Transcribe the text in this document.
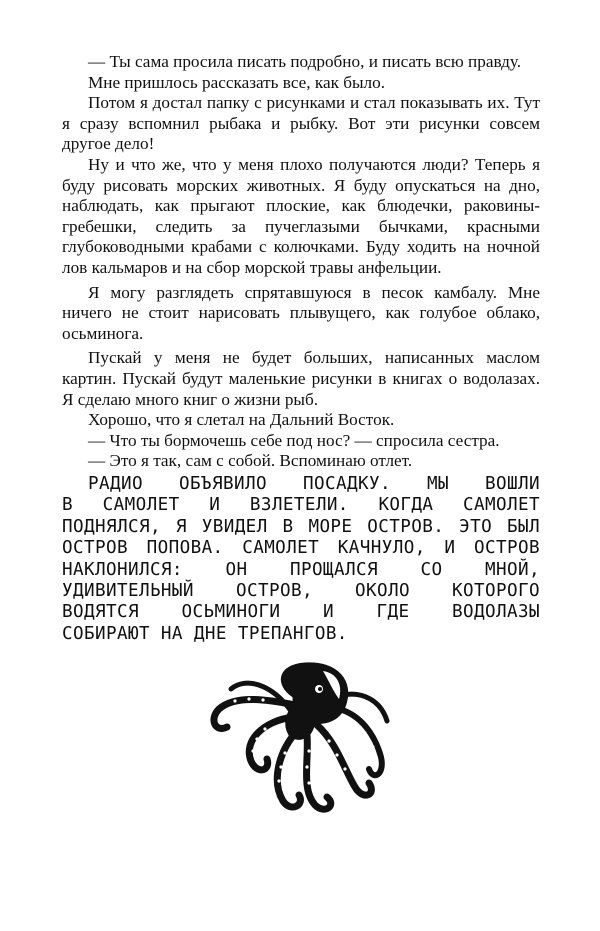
— Ты сама просила писать подробно, и писать всю правду.

Мне пришлось рассказать все, как было.

Потом я достал папку с рисунками и стал показывать их. Тут я сразу вспомнил рыбака и рыбку. Вот эти рисунки совсем другое дело!

Ну и что же, что у меня плохо получаются люди? Теперь я буду рисовать морских животных. Я буду опускаться на дно, наблюдать, как прыгают плоские, как блюдечки, раковины-гребешки, следить за пучеглазыми бычками, красными глубоководными крабами с колючками. Буду ходить на ночной лов кальмаров и на сбор морской травы анфельции.

Я могу разглядеть спрятавшуюся в песок камбалу. Мне ничего не стоит нарисовать плывущего, как голубое облако, осьминога.

Пускай у меня не будет больших, написанных маслом картин. Пускай будут маленькие рисунки в книгах о водолазах. Я сделаю много книг о жизни рыб.

Хорошо, что я слетал на Дальний Восток.

— Что ты бормочешь себе под нос? — спросила сестра.

— Это я так, сам с собой. Вспоминаю отлет.

РАДИО ОБЪЯВИЛО ПОСАДКУ. МЫ ВОШЛИ
В САМОЛЕТ И ВЗЛЕТЕЛИ. КОГДА САМОЛЕТ
ПОДНЯЛСЯ, Я УВИДЕЛ В МОРЕ ОСТРОВ. ЭТО БЫЛ
ОСТРОВ ПОПОВА. САМОЛЕТ КАЧНУЛО, И ОСТРОВ
НАКЛОНИЛСЯ: ОН ПРОЩАЛСЯ СО МНОЙ,
УДИВИТЕЛЬНЫЙ ОСТРОВ, ОКОЛО КОТОРОГО
ВОДЯТСЯ ОСЬМИНОГИ И ГДЕ ВОДОЛАЗЫ
СОБИРАЮТ НА ДНЕ ТРЕПАНГОВ.
